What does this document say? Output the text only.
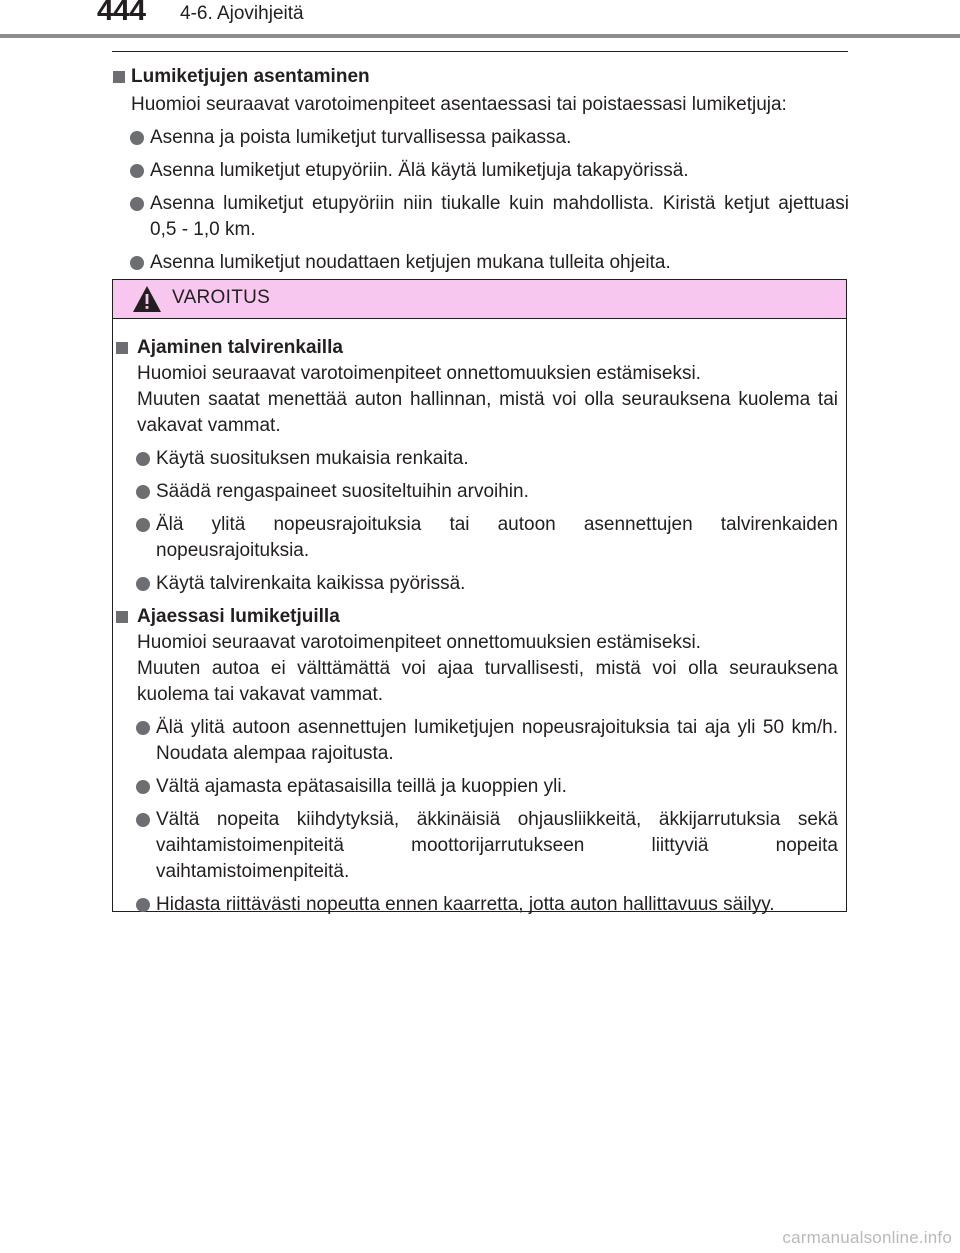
444 4-6. Ajovihjeitä
Lumiketjujen asentaminen
Huomioi seuraavat varotoimenpiteet asentaessasi tai poistaessasi lumiketjuja:
Asenna ja poista lumiketjut turvallisessa paikassa.
Asenna lumiketjut etupyöriin. Älä käytä lumiketjuja takapyörissä.
Asenna lumiketjut etupyöriin niin tiukalle kuin mahdollista. Kiristä ketjut ajettuasi 0,5 - 1,0 km.
Asenna lumiketjut noudattaen ketjujen mukana tulleita ohjeita.
VAROITUS
Ajaminen talvirenkailla
Huomioi seuraavat varotoimenpiteet onnettomuuksien estämiseksi.
Muuten saatat menettää auton hallinnan, mistä voi olla seurauksena kuolema tai vakavat vammat.
Käytä suosituksen mukaisia renkaita.
Säädä rengaspaineet suositeltuihin arvoihin.
Älä ylitä nopeusrajoituksia tai autoon asennettujen talvirenkaiden nopeusrajoituksia.
Käytä talvirenkaita kaikissa pyörissä.
Ajaessasi lumiketjuilla
Huomioi seuraavat varotoimenpiteet onnettomuuksien estämiseksi.
Muuten autoa ei välttämättä voi ajaa turvallisesti, mistä voi olla seurauksena kuolema tai vakavat vammat.
Älä ylitä autoon asennettujen lumiketjujen nopeusrajoituksia tai aja yli 50 km/h. Noudata alempaa rajoitusta.
Vältä ajamasta epätasaisilla teillä ja kuoppien yli.
Vältä nopeita kiihdytyksiä, äkkinäisiä ohjausliikkeitä, äkkijarrutuksia sekä vaihtamistoimenpiteitä moottorijarrutukseen liittyviä nopeita vaihtamistoimenpiteitä.
Hidasta riittävästi nopeutta ennen kaarretta, jotta auton hallittavuus säilyy.
carmanualsonline.info
